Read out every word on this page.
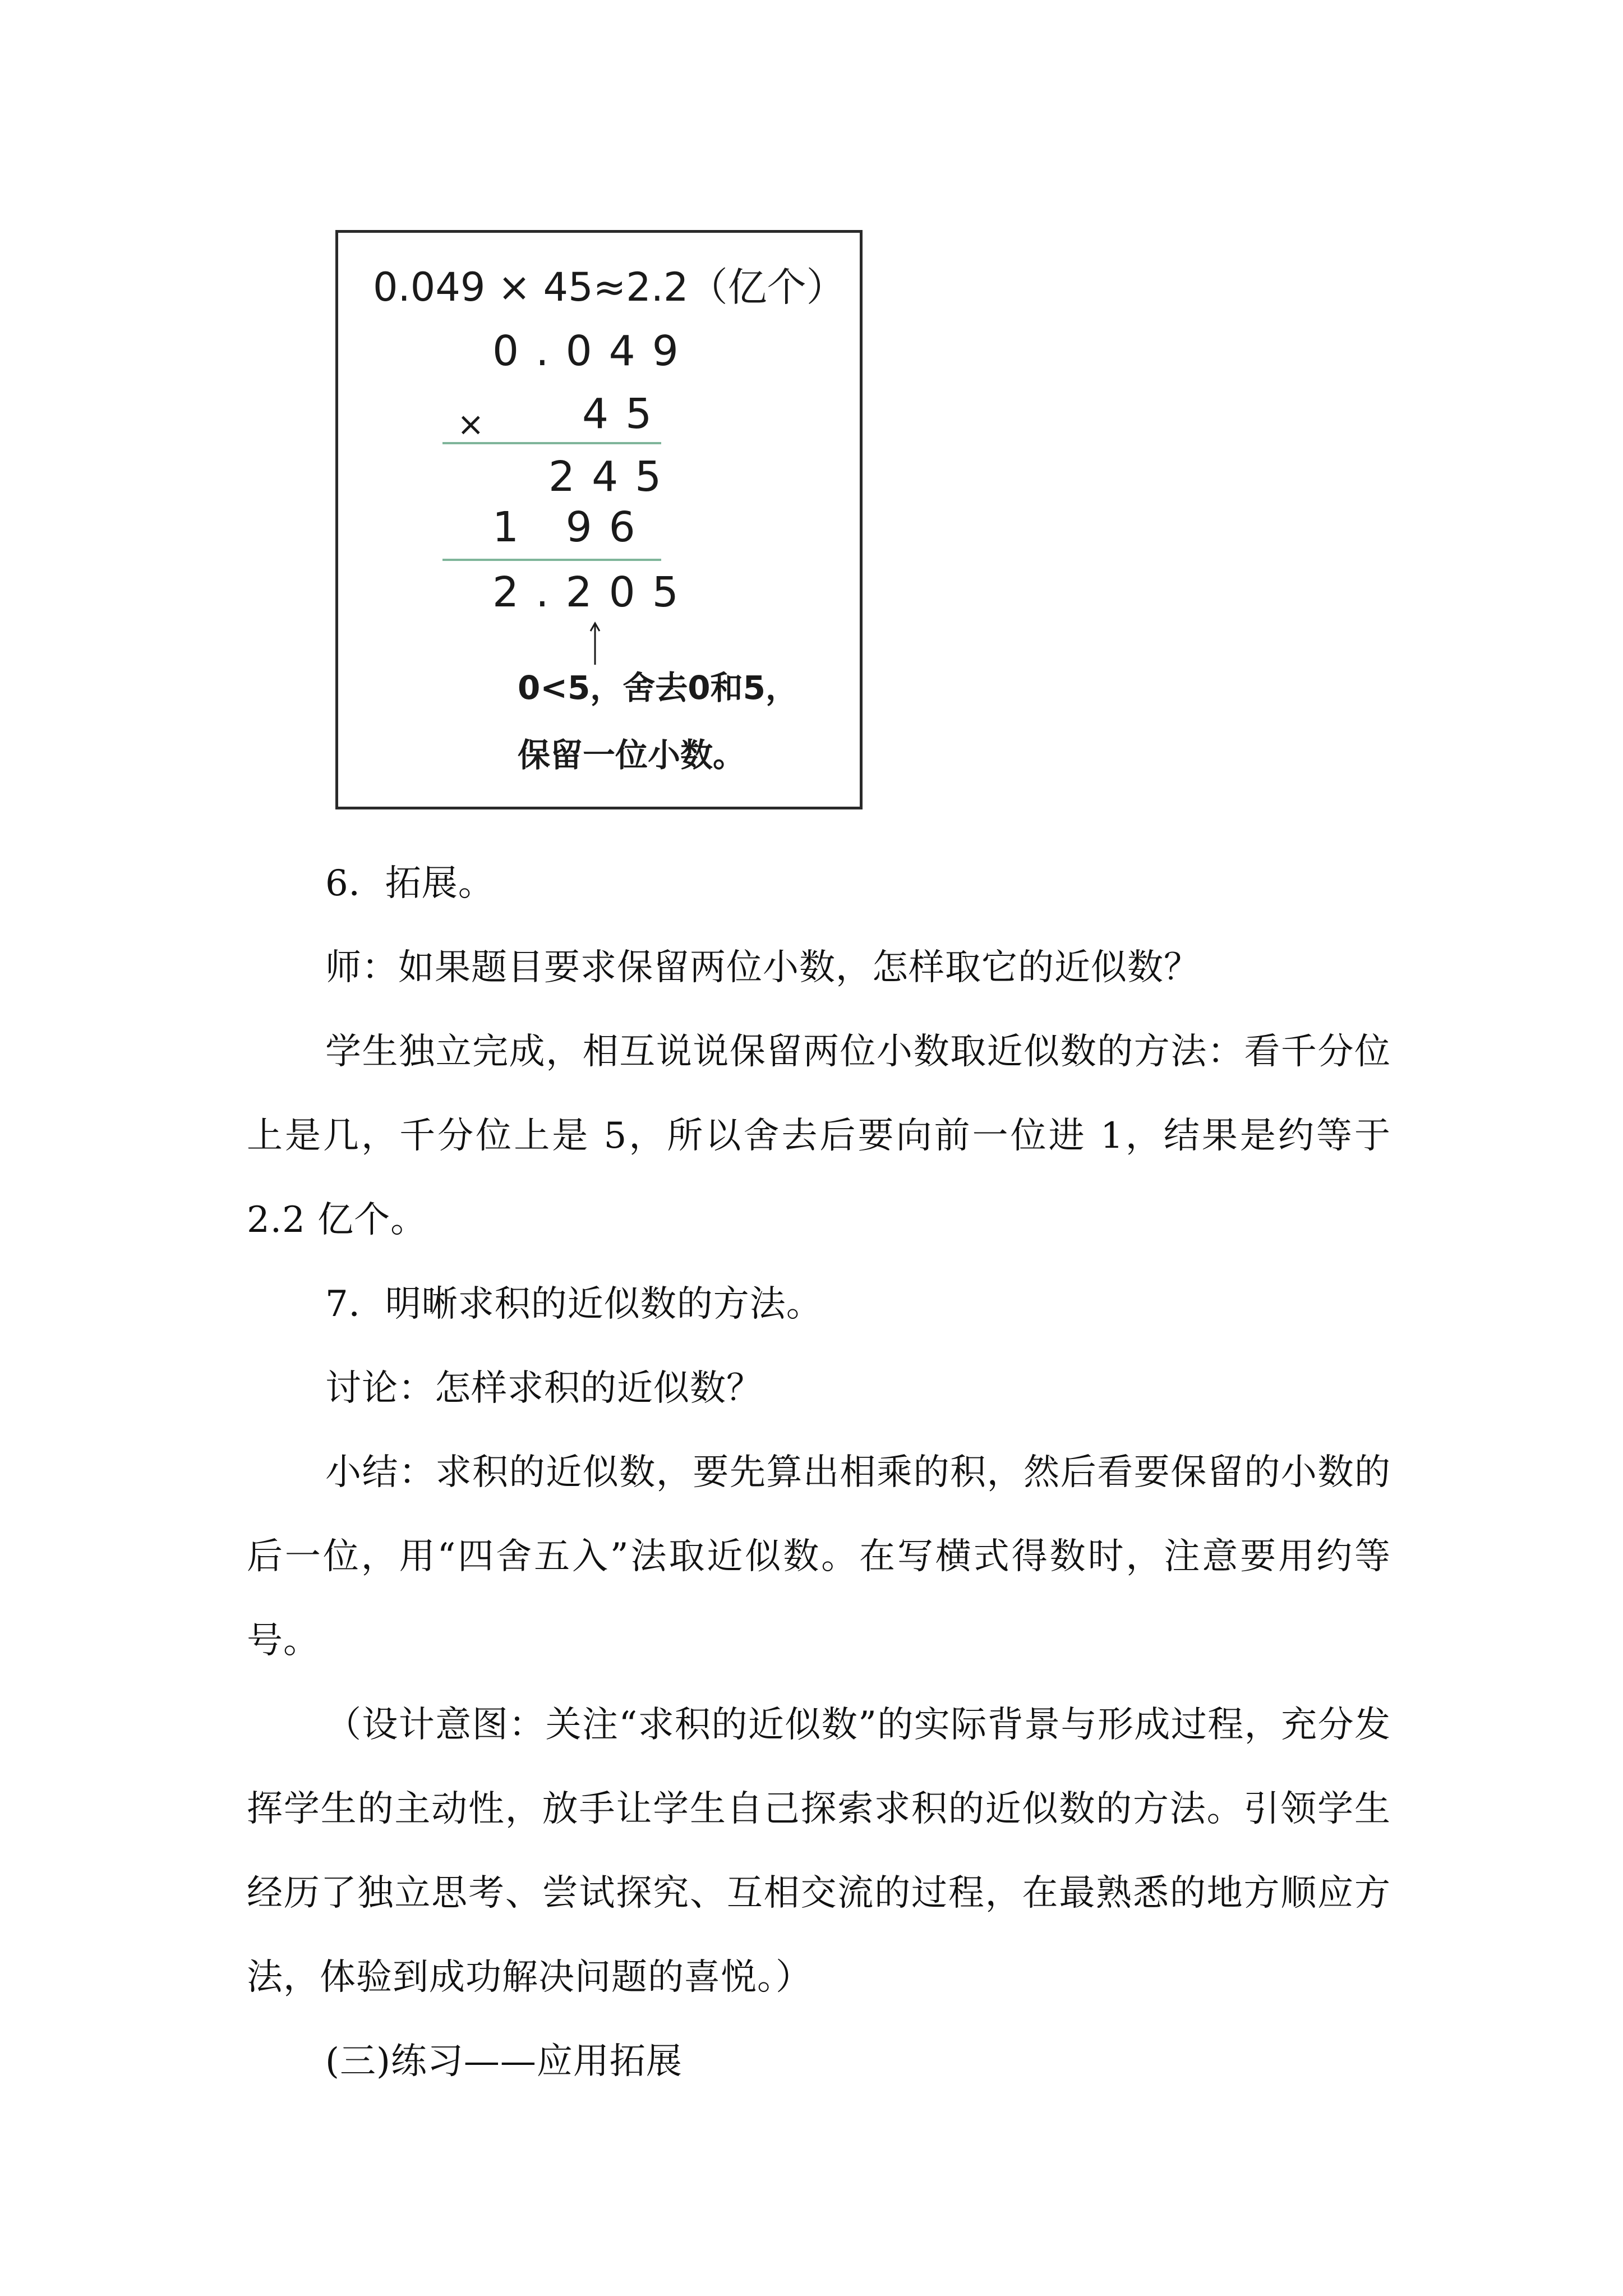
0.049 × 45≈2.2（亿个）
0.049
× 45
245
1 96
2.205
0<5，舍去0和5，
保留一位小数。

6．拓展。

师：如果题目要求保留两位小数，怎样取它的近似数？

学生独立完成，相互说说保留两位小数取近似数的方法：看千分位上是几，千分位上是 5，所以舍去后要向前一位进 1，结果是约等于 2.2 亿个。

7．明晰求积的近似数的方法。

讨论：怎样求积的近似数？

小结：求积的近似数，要先算出相乘的积，然后看要保留的小数的后一位，用“四舍五入”法取近似数。在写横式得数时，注意要用约等号。

（设计意图：关注“求积的近似数”的实际背景与形成过程，充分发挥学生的主动性，放手让学生自己探索求积的近似数的方法。引领学生经历了独立思考、尝试探究、互相交流的过程，在最熟悉的地方顺应方法，体验到成功解决问题的喜悦。）

(三)练习——应用拓展
